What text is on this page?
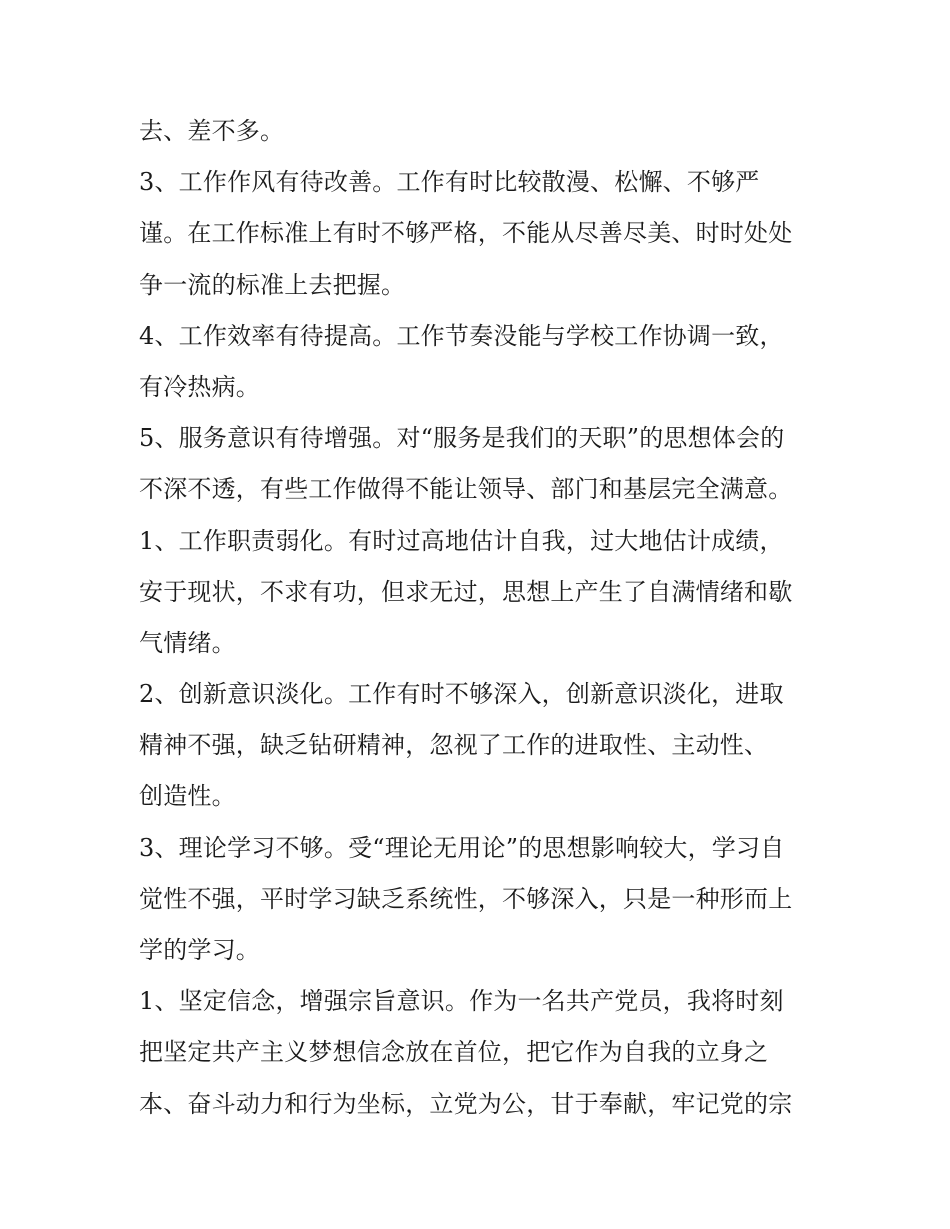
去、差不多。
3、工作作风有待改善。工作有时比较散漫、松懈、不够严
谨。在工作标准上有时不够严格，不能从尽善尽美、时时处处
争一流的标准上去把握。
4、工作效率有待提高。工作节奏没能与学校工作协调一致，
有冷热病。
5、服务意识有待增强。对“服务是我们的天职”的思想体会的
不深不透，有些工作做得不能让领导、部门和基层完全满意。
1、工作职责弱化。有时过高地估计自我，过大地估计成绩，
安于现状，不求有功，但求无过，思想上产生了自满情绪和歇
气情绪。
2、创新意识淡化。工作有时不够深入，创新意识淡化，进取
精神不强，缺乏钻研精神，忽视了工作的进取性、主动性、
创造性。
3、理论学习不够。受“理论无用论”的思想影响较大，学习自
觉性不强，平时学习缺乏系统性，不够深入，只是一种形而上
学的学习。
1、坚定信念，增强宗旨意识。作为一名共产党员，我将时刻
把坚定共产主义梦想信念放在首位，把它作为自我的立身之
本、奋斗动力和行为坐标，立党为公，甘于奉献，牢记党的宗
